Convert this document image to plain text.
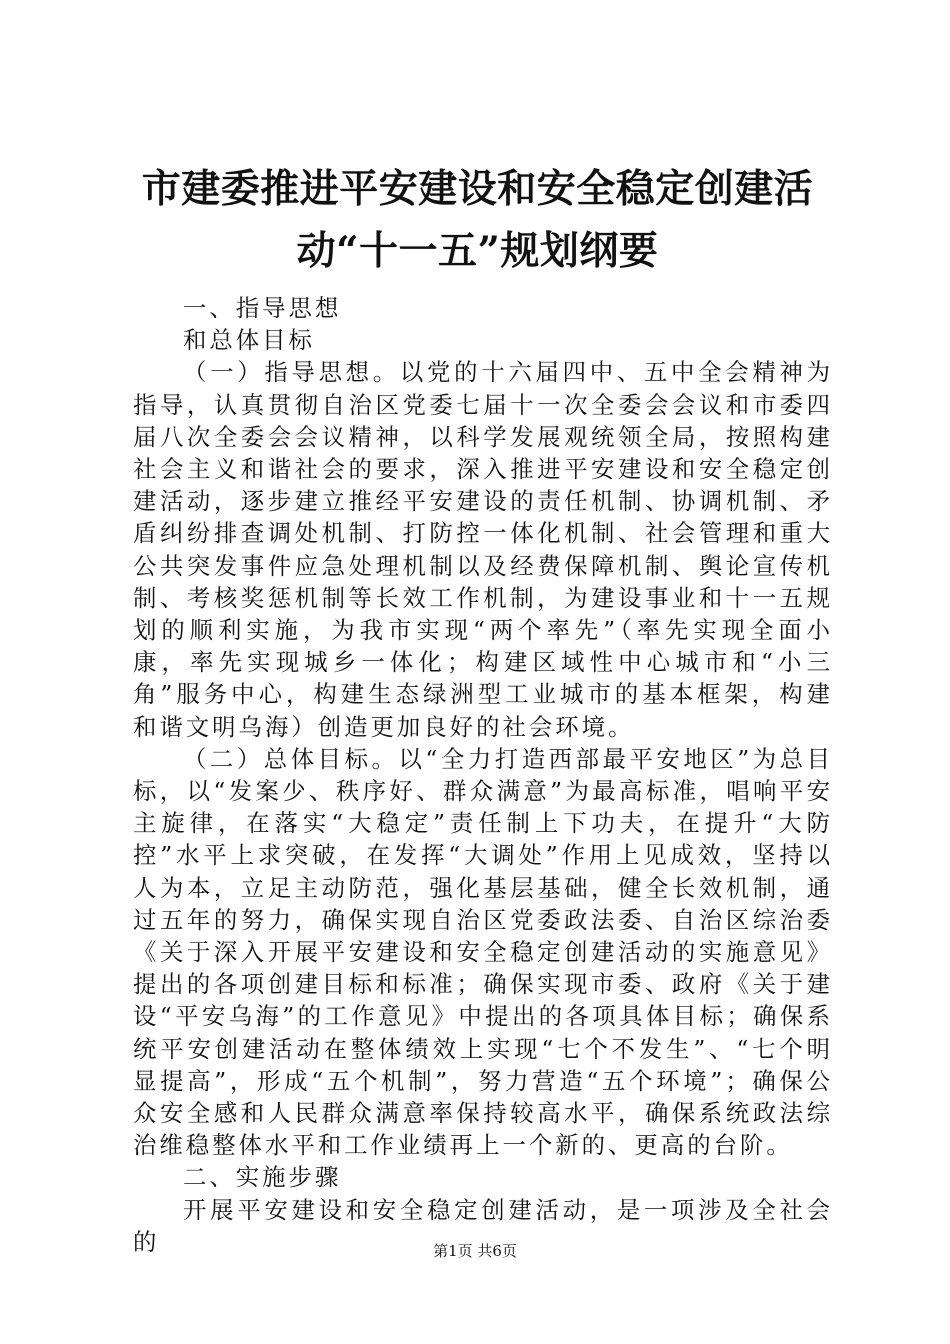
市建委推进平安建设和安全稳定创建活动“十一五”规划纲要

一、指导思想

和总体目标

（一）指导思想。以党的十六届四中、五中全会精神为指导，认真贯彻自治区党委七届十一次全委会会议和市委四届八次全委会会议精神，以科学发展观统领全局，按照构建社会主义和谐社会的要求，深入推进平安建设和安全稳定创建活动，逐步建立推经平安建设的责任机制、协调机制、矛盾纠纷排查调处机制、打防控一体化机制、社会管理和重大公共突发事件应急处理机制以及经费保障机制、舆论宣传机制、考核奖惩机制等长效工作机制，为建设事业和十一五规划的顺利实施，为我市实现“两个率先”（率先实现全面小康，率先实现城乡一体化；构建区域性中心城市和“小三角”服务中心，构建生态绿洲型工业城市的基本框架，构建和谐文明乌海）创造更加良好的社会环境。

（二）总体目标。以“全力打造西部最平安地区”为总目标，以“发案少、秩序好、群众满意”为最高标准，唱响平安主旋律，在落实“大稳定”责任制上下功夫，在提升“大防控”水平上求突破，在发挥“大调处”作用上见成效，坚持以人为本，立足主动防范，强化基层基础，健全长效机制，通过五年的努力，确保实现自治区党委政法委、自治区综治委《关于深入开展平安建设和安全稳定创建活动的实施意见》提出的各项创建目标和标准；确保实现市委、政府《关于建设“平安乌海”的工作意见》中提出的各项具体目标；确保系统平安创建活动在整体绩效上实现“七个不发生”、“七个明显提高”，形成“五个机制”，努力营造“五个环境”；确保公众安全感和人民群众满意率保持较高水平，确保系统政法综治维稳整体水平和工作业绩再上一个新的、更高的台阶。

二、实施步骤

开展平安建设和安全稳定创建活动，是一项涉及全社会的	第1页 共6页
